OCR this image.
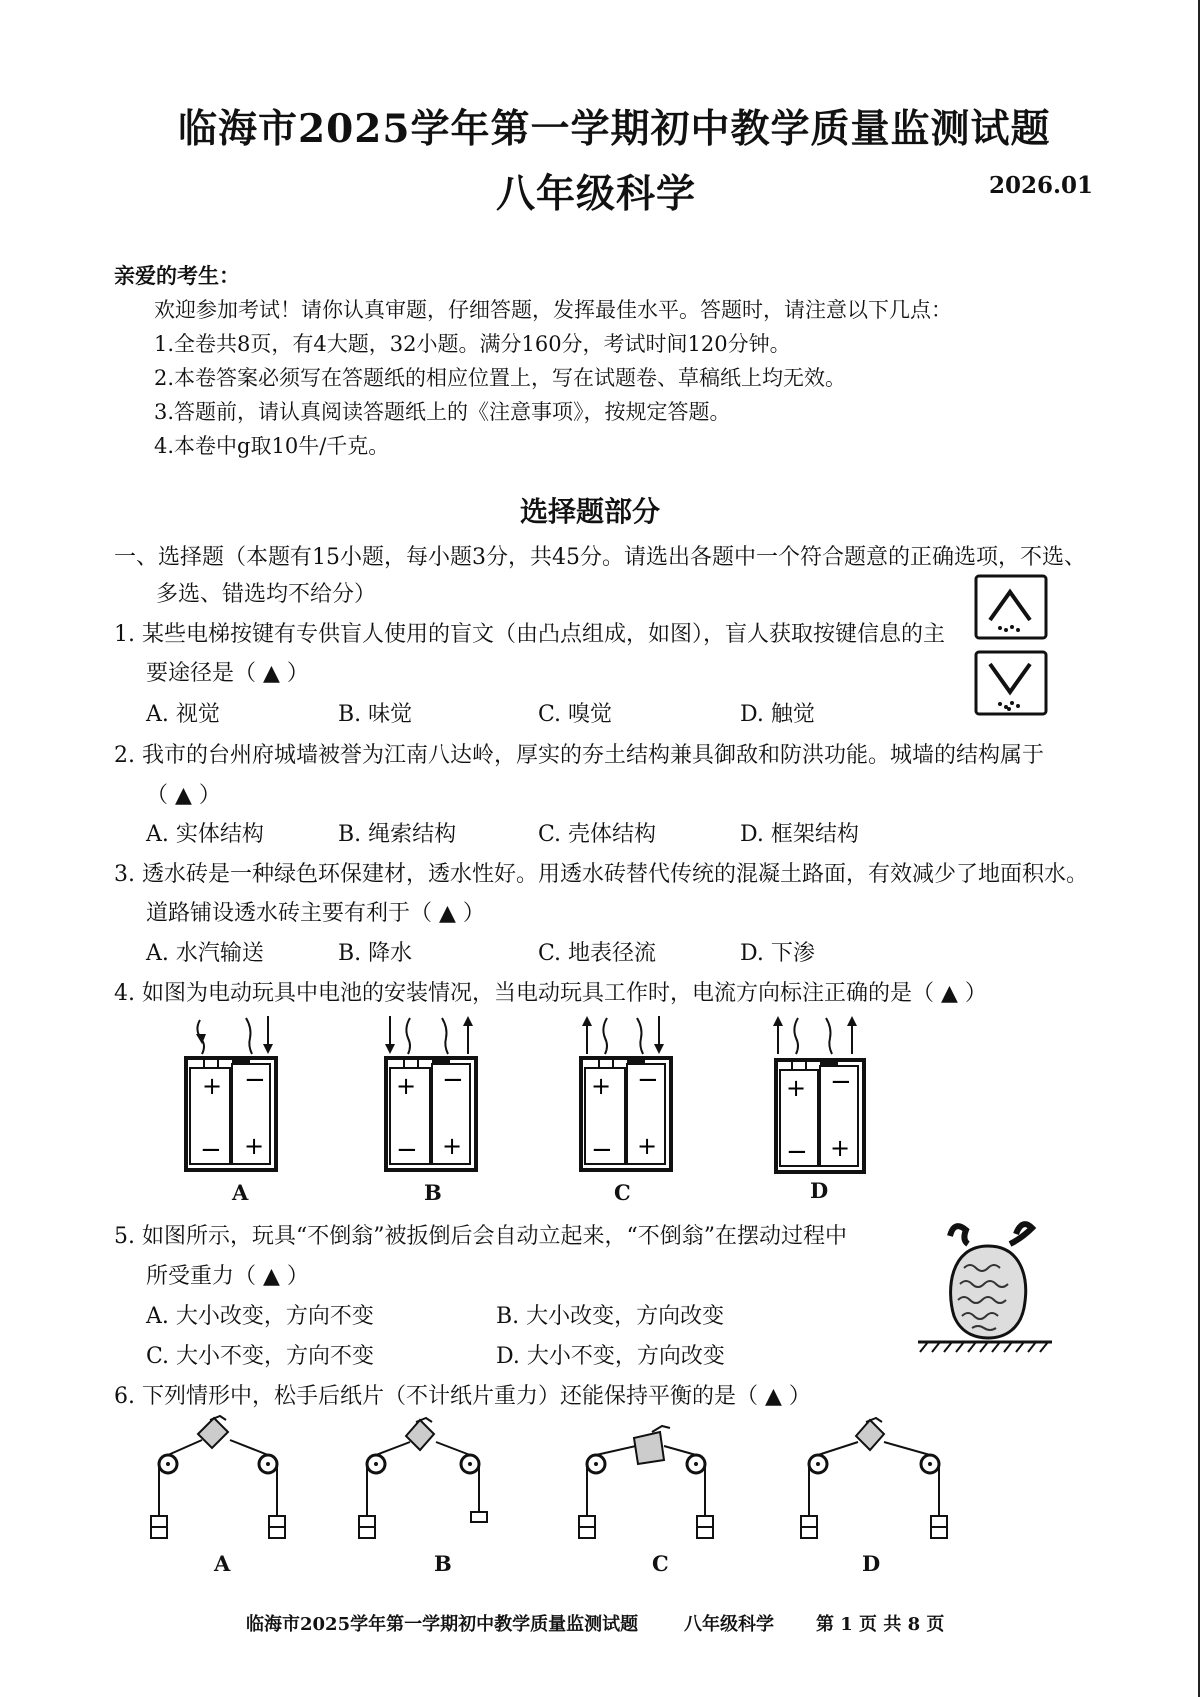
临海市2025学年第一学期初中教学质量监测试题
八年级科学	2026.01
亲爱的考生：
欢迎参加考试！请你认真审题，仔细答题，发挥最佳水平。答题时，请注意以下几点：
1.全卷共8页，有4大题，32小题。满分160分，考试时间120分钟。
2.本卷答案必须写在答题纸的相应位置上，写在试题卷、草稿纸上均无效。
3.答题前，请认真阅读答题纸上的《注意事项》，按规定答题。
4.本卷中g取10牛/千克。
选择题部分
一、选择题（本题有15小题，每小题3分，共45分。请选出各题中一个符合题意的正确选项，不选、
多选、错选均不给分）
1. 某些电梯按键有专供盲人使用的盲文（由凸点组成，如图），盲人获取按键信息的主
要途径是（ ▲ ）
A. 视觉	B. 味觉	C. 嗅觉	D. 触觉
2. 我市的台州府城墙被誉为江南八达岭，厚实的夯土结构兼具御敌和防洪功能。城墙的结构属于
（ ▲ ）
A. 实体结构	B. 绳索结构	C. 壳体结构	D. 框架结构
3. 透水砖是一种绿色环保建材，透水性好。用透水砖替代传统的混凝土路面，有效减少了地面积水。
道路铺设透水砖主要有利于（ ▲ ）
A. 水汽输送	B. 降水	C. 地表径流	D. 下渗
4. 如图为电动玩具中电池的安装情况，当电动玩具工作时，电流方向标注正确的是（ ▲ ）
+ −
− +
A
+ −
− +
B
+ −
− +
C
+ −
− +
D
5. 如图所示，玩具“不倒翁”被扳倒后会自动立起来，“不倒翁”在摆动过程中
所受重力（ ▲ ）
A. 大小改变，方向不变	B. 大小改变，方向改变
C. 大小不变，方向不变	D. 大小不变，方向改变
6. 下列情形中，松手后纸片（不计纸片重力）还能保持平衡的是（ ▲ ）
A	B	C	D
临海市2025学年第一学期初中教学质量监测试题	八年级科学 第 1 页 共 8 页
